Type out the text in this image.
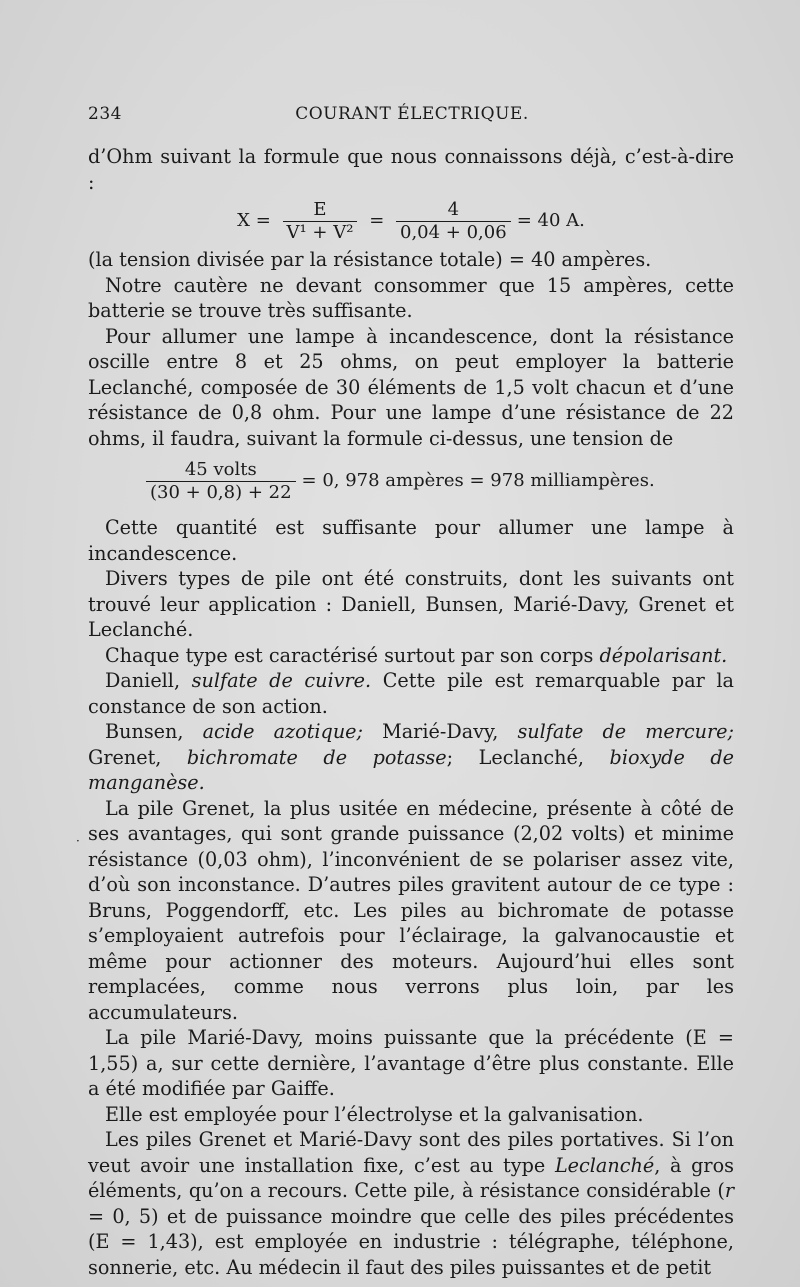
234	COURANT ÉLECTRIQUE.
·

d’Ohm suivant la formule que nous connaissons déjà, c’est-à-dire :

$X = \frac{E}{\text{V¹ + V²}} = \frac{4}{0,04 + 0,06} = 40$ A.

(la tension divisée par la résistance totale) = 40 ampères.

Notre cautère ne devant consommer que 15 ampères, cette batterie se trouve très suffisante.

Pour allumer une lampe à incandescence, dont la résistance oscille entre 8 et 25 ohms, on peut employer la batterie Leclanché, composée de 30 éléments de 1,5 volt chacun et d’une résistance de 0,8 ohm. Pour une lampe d’une résistance de 22 ohms, il faudra, suivant la formule ci-dessus, une tension de

$\frac{\text{45 volts}}{(30 + 0,8) + 22} = 0$, 978 ampères = 978 milliampères.

Cette quantité est suffisante pour allumer une lampe à incandescence.

Divers types de pile ont été construits, dont les suivants ont trouvé leur application : Daniell, Bunsen, Marié-Davy, Grenet et Leclanché.

Chaque type est caractérisé surtout par son corps dépolarisant.

Daniell, sulfate de cuivre. Cette pile est remarquable par la constance de son action.

Bunsen, acide azotique; Marié-Davy, sulfate de mercure; Grenet, bichromate de potasse; Leclanché, bioxyde de manganèse.

La pile Grenet, la plus usitée en médecine, présente à côté de ses avantages, qui sont grande puissance (2,02 volts) et minime résistance (0,03 ohm), l’inconvénient de se polariser assez vite, d’où son inconstance. D’autres piles gravitent autour de ce type : Bruns, Poggendorff, etc. Les piles au bichromate de potasse s’employaient autrefois pour l’éclairage, la galvanocaustie et même pour actionner des moteurs. Aujourd’hui elles sont remplacées, comme nous verrons plus loin, par les accumulateurs.

La pile Marié-Davy, moins puissante que la précédente (E = 1,55) a, sur cette dernière, l’avantage d’être plus constante. Elle a été modifiée par Gaiffe.

Elle est employée pour l’électrolyse et la galvanisation.

Les piles Grenet et Marié-Davy sont des piles portatives. Si l’on veut avoir une installation fixe, c’est au type Leclanché, à gros éléments, qu’on a recours. Cette pile, à résistance considérable (r = 0, 5) et de puissance moindre que celle des piles précédentes (E = 1,43), est employée en industrie : télégraphe, téléphone, sonnerie, etc. Au médecin il faut des piles puissantes et de petit
